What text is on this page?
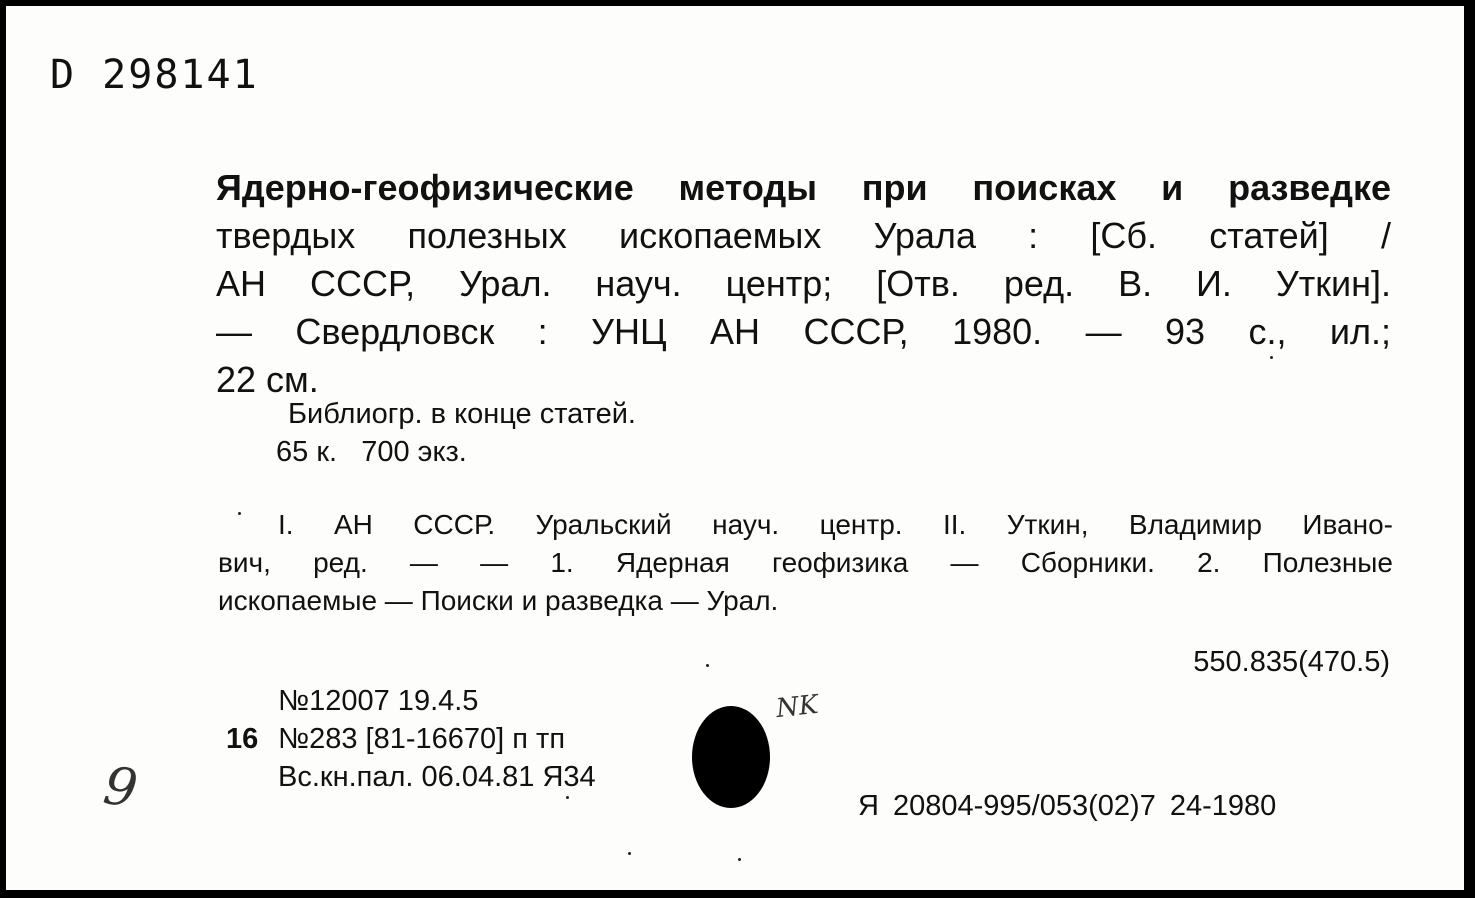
D 298141
Ядерно-геофизические методы при поисках и разведке
твердых полезных ископаемых Урала : [Сб. статей] /
АН СССР, Урал. науч. центр; [Отв. ред. В. И. Уткин].
— Свердловск : УНЦ АН СССР, 1980. — 93 с., ил.;
22 см.
Библиогр. в конце статей.
65 к.   700 экз.
I. АН СССР. Уральский науч. центр. II. Уткин, Владимир Ивано-
вич, ред. — — 1. Ядерная геофизика — Сборники. 2. Полезные
ископаемые — Поиски и разведка — Урал.
550.835(470.5)
№12007 19.4.5
16 №283 [81-16670] п тп
Вс.кн.пал. 06.04.81 Я34
Я 20804-995/053(02)7 24-1980
NK
9
